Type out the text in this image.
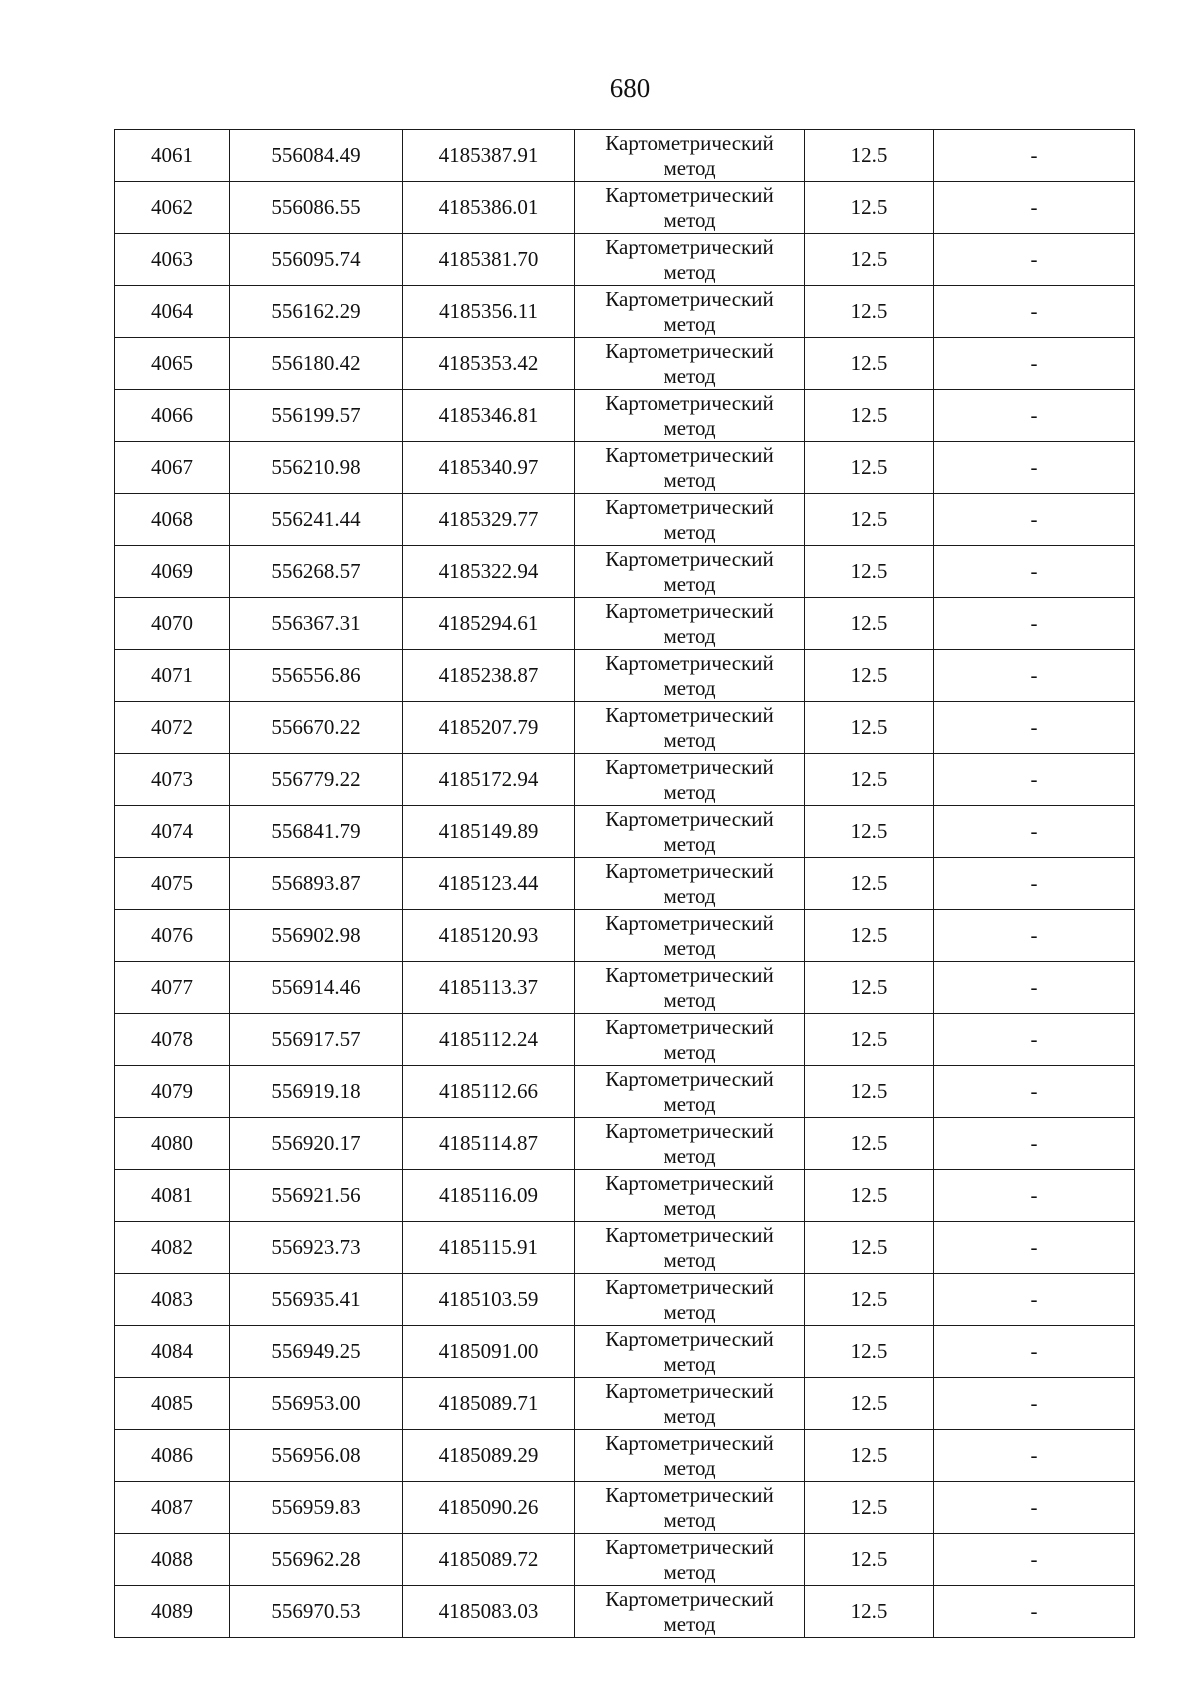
680
4061	556084.49	4185387.91	Картометрический
метод	12.5	-
4062	556086.55	4185386.01	Картометрический
метод	12.5	-
4063	556095.74	4185381.70	Картометрический
метод	12.5	-
4064	556162.29	4185356.11	Картометрический
метод	12.5	-
4065	556180.42	4185353.42	Картометрический
метод	12.5	-
4066	556199.57	4185346.81	Картометрический
метод	12.5	-
4067	556210.98	4185340.97	Картометрический
метод	12.5	-
4068	556241.44	4185329.77	Картометрический
метод	12.5	-
4069	556268.57	4185322.94	Картометрический
метод	12.5	-
4070	556367.31	4185294.61	Картометрический
метод	12.5	-
4071	556556.86	4185238.87	Картометрический
метод	12.5	-
4072	556670.22	4185207.79	Картометрический
метод	12.5	-
4073	556779.22	4185172.94	Картометрический
метод	12.5	-
4074	556841.79	4185149.89	Картометрический
метод	12.5	-
4075	556893.87	4185123.44	Картометрический
метод	12.5	-
4076	556902.98	4185120.93	Картометрический
метод	12.5	-
4077	556914.46	4185113.37	Картометрический
метод	12.5	-
4078	556917.57	4185112.24	Картометрический
метод	12.5	-
4079	556919.18	4185112.66	Картометрический
метод	12.5	-
4080	556920.17	4185114.87	Картометрический
метод	12.5	-
4081	556921.56	4185116.09	Картометрический
метод	12.5	-
4082	556923.73	4185115.91	Картометрический
метод	12.5	-
4083	556935.41	4185103.59	Картометрический
метод	12.5	-
4084	556949.25	4185091.00	Картометрический
метод	12.5	-
4085	556953.00	4185089.71	Картометрический
метод	12.5	-
4086	556956.08	4185089.29	Картометрический
метод	12.5	-
4087	556959.83	4185090.26	Картометрический
метод	12.5	-
4088	556962.28	4185089.72	Картометрический
метод	12.5	-
4089	556970.53	4185083.03	Картометрический
метод	12.5	-
